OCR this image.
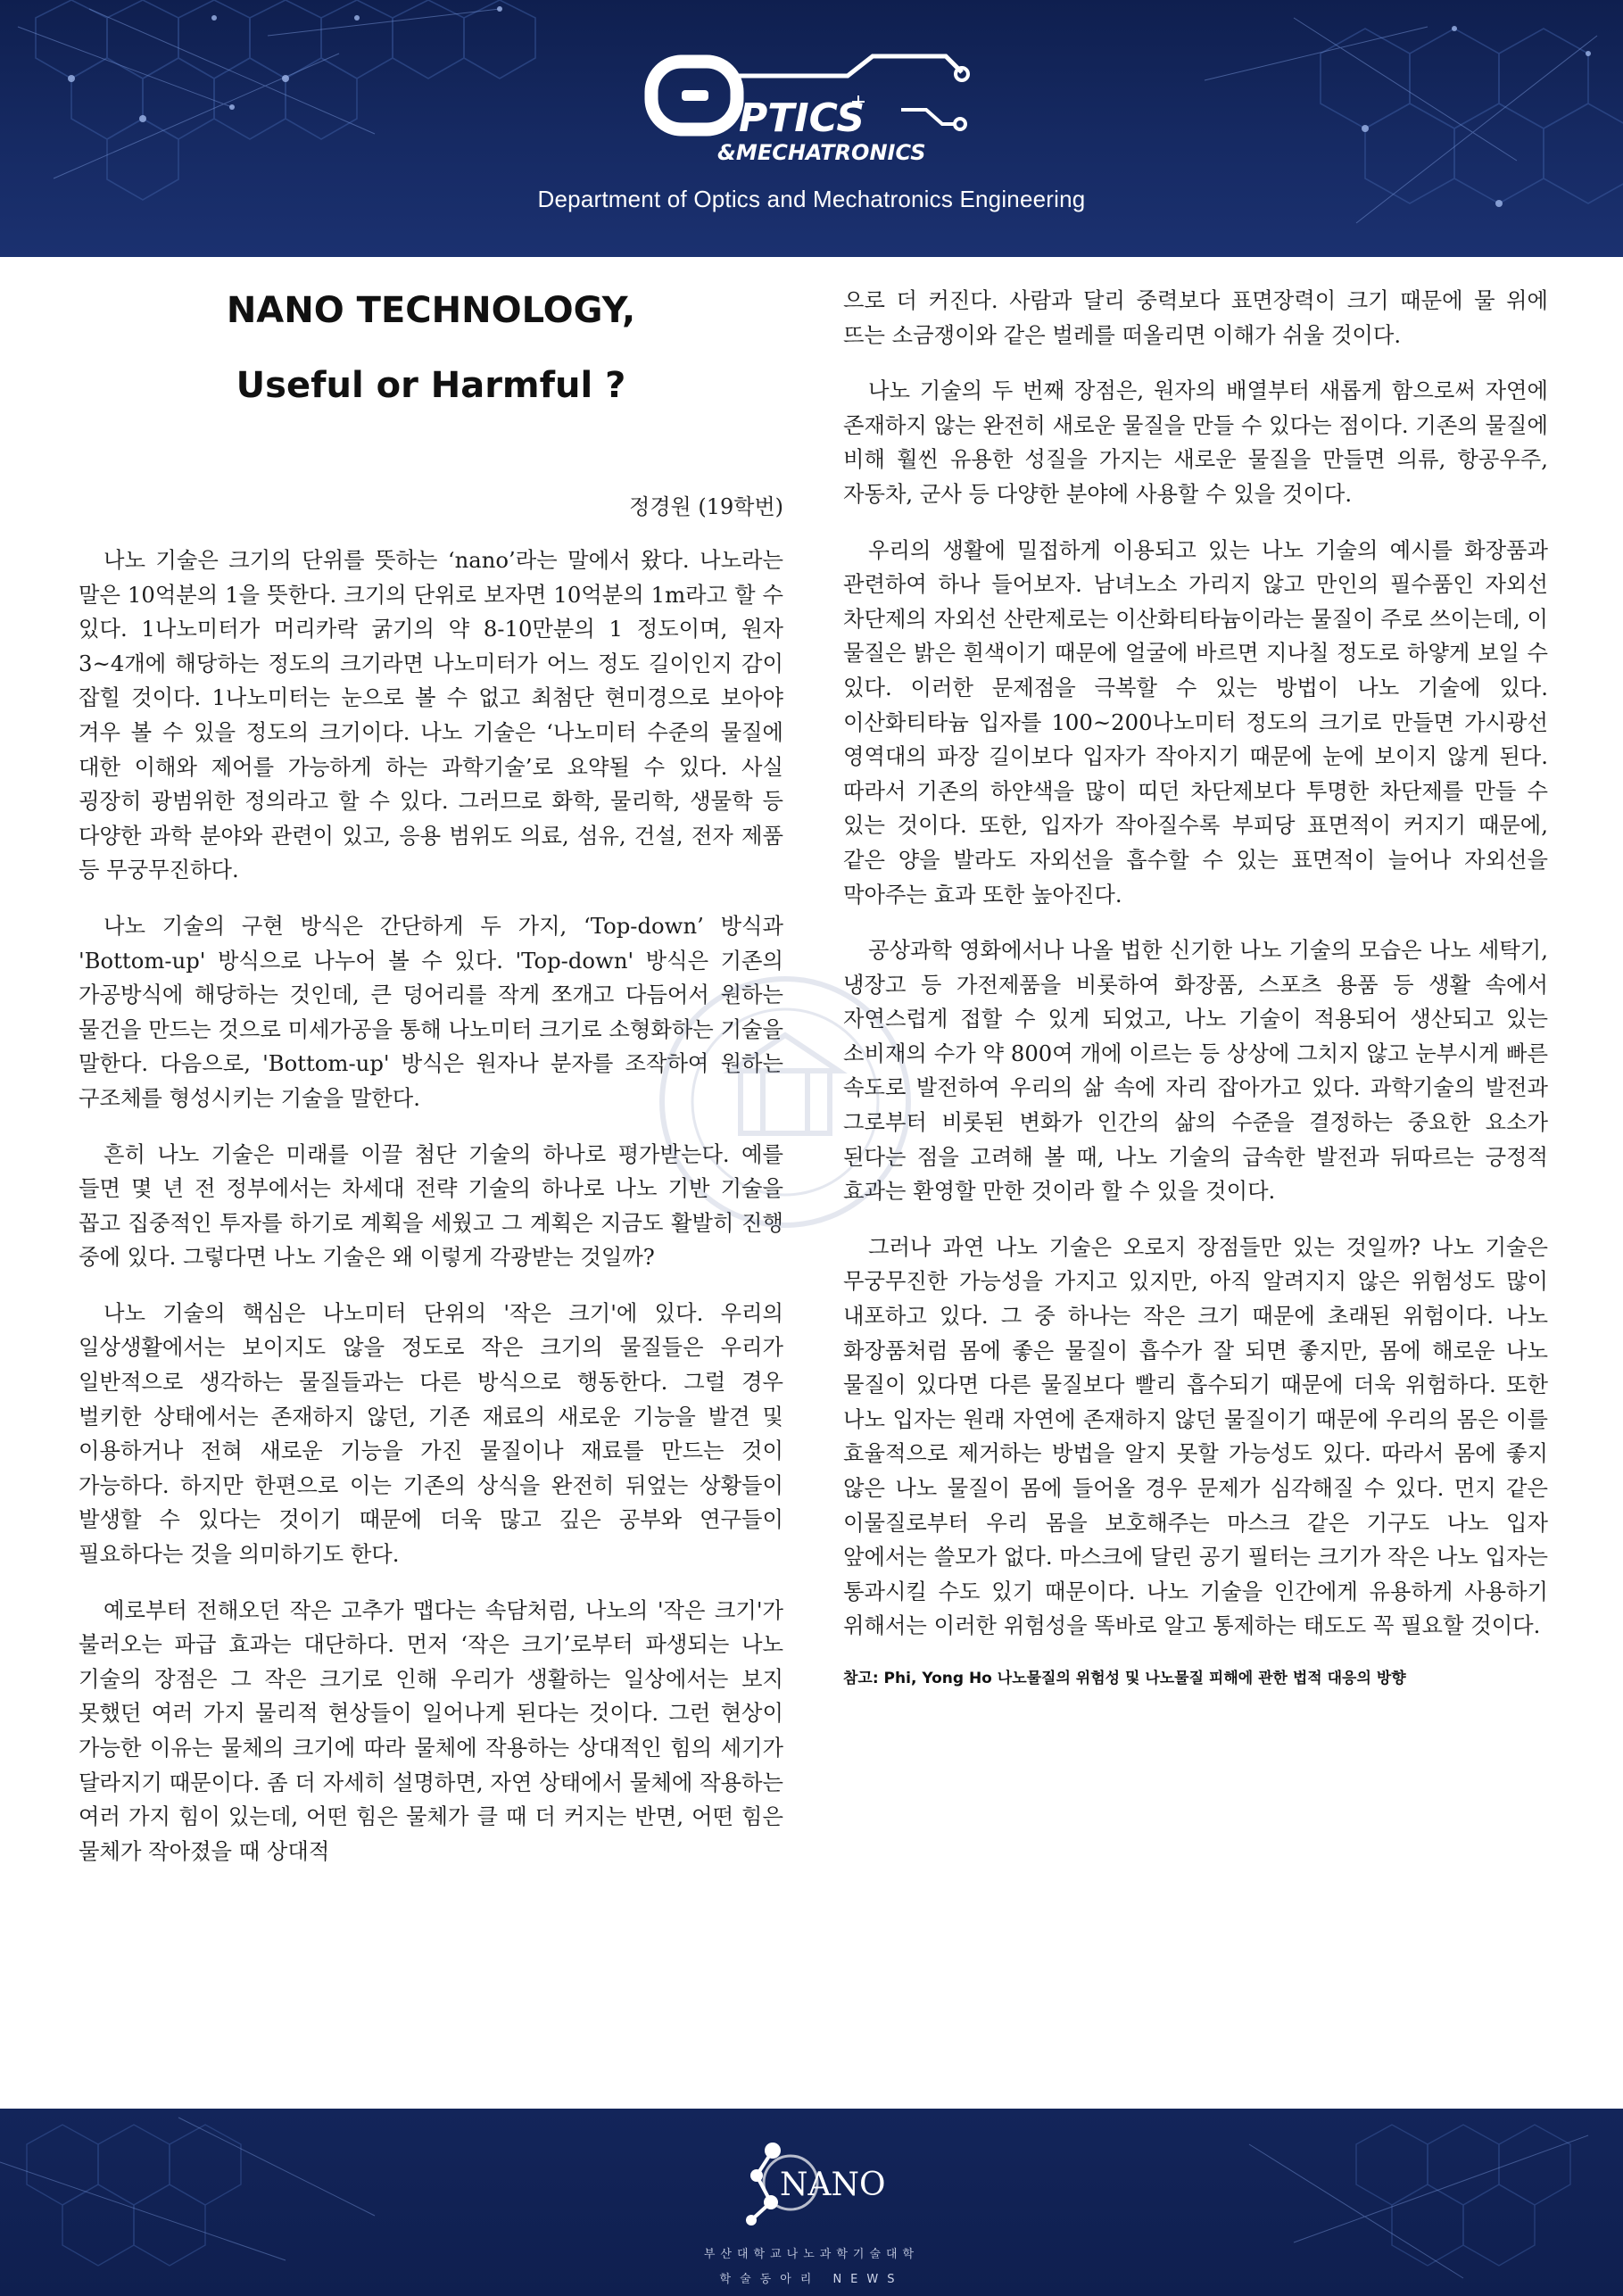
PTICS
&MECHATRONICS
Department of Optics and Mechatronics Engineering
NANO TECHNOLOGY,
Useful or Harmful ?
정경원 (19학번)

나노 기술은 크기의 단위를 뜻하는 ‘nano’라는 말에서 왔다. 나노라는 말은 10억분의 1을 뜻한다. 크기의 단위로 보자면 10억분의 1m라고 할 수 있다. 1나노미터가 머리카락 굵기의 약 8-10만분의 1 정도이며, 원자 3~4개에 해당하는 정도의 크기라면 나노미터가 어느 정도 길이인지 감이 잡힐 것이다. 1나노미터는 눈으로 볼 수 없고 최첨단 현미경으로 보아야 겨우 볼 수 있을 정도의 크기이다. 나노 기술은 ‘나노미터 수준의 물질에 대한 이해와 제어를 가능하게 하는 과학기술’로 요약될 수 있다. 사실 굉장히 광범위한 정의라고 할 수 있다. 그러므로 화학, 물리학, 생물학 등 다양한 과학 분야와 관련이 있고, 응용 범위도 의료, 섬유, 건설, 전자 제품 등 무궁무진하다.

나노 기술의 구현 방식은 간단하게 두 가지, ‘Top-down’ 방식과 'Bottom-up' 방식으로 나누어 볼 수 있다. 'Top-down' 방식은 기존의 가공방식에 해당하는 것인데, 큰 덩어리를 작게 쪼개고 다듬어서 원하는 물건을 만드는 것으로 미세가공을 통해 나노미터 크기로 소형화하는 기술을 말한다. 다음으로, 'Bottom-up' 방식은 원자나 분자를 조작하여 원하는 구조체를 형성시키는 기술을 말한다.

흔히 나노 기술은 미래를 이끌 첨단 기술의 하나로 평가받는다. 예를 들면 몇 년 전 정부에서는 차세대 전략 기술의 하나로 나노 기반 기술을 꼽고 집중적인 투자를 하기로 계획을 세웠고 그 계획은 지금도 활발히 진행 중에 있다. 그렇다면 나노 기술은 왜 이렇게 각광받는 것일까?

나노 기술의 핵심은 나노미터 단위의 '작은 크기'에 있다. 우리의 일상생활에서는 보이지도 않을 정도로 작은 크기의 물질들은 우리가 일반적으로 생각하는 물질들과는 다른 방식으로 행동한다. 그럴 경우 벌키한 상태에서는 존재하지 않던, 기존 재료의 새로운 기능을 발견 및 이용하거나 전혀 새로운 기능을 가진 물질이나 재료를 만드는 것이 가능하다. 하지만 한편으로 이는 기존의 상식을 완전히 뒤엎는 상황들이 발생할 수 있다는 것이기 때문에 더욱 많고 깊은 공부와 연구들이 필요하다는 것을 의미하기도 한다.

예로부터 전해오던 작은 고추가 맵다는 속담처럼, 나노의 '작은 크기'가 불러오는 파급 효과는 대단하다. 먼저 ‘작은 크기’로부터 파생되는 나노 기술의 장점은 그 작은 크기로 인해 우리가 생활하는 일상에서는 보지 못했던 여러 가지 물리적 현상들이 일어나게 된다는 것이다. 그런 현상이 가능한 이유는 물체의 크기에 따라 물체에 작용하는 상대적인 힘의 세기가 달라지기 때문이다. 좀 더 자세히 설명하면, 자연 상태에서 물체에 작용하는 여러 가지 힘이 있는데, 어떤 힘은 물체가 클 때 더 커지는 반면, 어떤 힘은 물체가 작아졌을 때 상대적

으로 더 커진다. 사람과 달리 중력보다 표면장력이 크기 때문에 물 위에 뜨는 소금쟁이와 같은 벌레를 떠올리면 이해가 쉬울 것이다.

나노 기술의 두 번째 장점은, 원자의 배열부터 새롭게 함으로써 자연에 존재하지 않는 완전히 새로운 물질을 만들 수 있다는 점이다. 기존의 물질에 비해 훨씬 유용한 성질을 가지는 새로운 물질을 만들면 의류, 항공우주, 자동차, 군사 등 다양한 분야에 사용할 수 있을 것이다.

우리의 생활에 밀접하게 이용되고 있는 나노 기술의 예시를 화장품과 관련하여 하나 들어보자. 남녀노소 가리지 않고 만인의 필수품인 자외선 차단제의 자외선 산란제로는 이산화티타늄이라는 물질이 주로 쓰이는데, 이 물질은 밝은 흰색이기 때문에 얼굴에 바르면 지나칠 정도로 하얗게 보일 수 있다. 이러한 문제점을 극복할 수 있는 방법이 나노 기술에 있다. 이산화티타늄 입자를 100~200나노미터 정도의 크기로 만들면 가시광선 영역대의 파장 길이보다 입자가 작아지기 때문에 눈에 보이지 않게 된다. 따라서 기존의 하얀색을 많이 띠던 차단제보다 투명한 차단제를 만들 수 있는 것이다. 또한, 입자가 작아질수록 부피당 표면적이 커지기 때문에, 같은 양을 발라도 자외선을 흡수할 수 있는 표면적이 늘어나 자외선을 막아주는 효과 또한 높아진다.

공상과학 영화에서나 나올 법한 신기한 나노 기술의 모습은 나노 세탁기, 냉장고 등 가전제품을 비롯하여 화장품, 스포츠 용품 등 생활 속에서 자연스럽게 접할 수 있게 되었고, 나노 기술이 적용되어 생산되고 있는 소비재의 수가 약 800여 개에 이르는 등 상상에 그치지 않고 눈부시게 빠른 속도로 발전하여 우리의 삶 속에 자리 잡아가고 있다. 과학기술의 발전과 그로부터 비롯된 변화가 인간의 삶의 수준을 결정하는 중요한 요소가 된다는 점을 고려해 볼 때, 나노 기술의 급속한 발전과 뒤따르는 긍정적 효과는 환영할 만한 것이라 할 수 있을 것이다.

그러나 과연 나노 기술은 오로지 장점들만 있는 것일까? 나노 기술은 무궁무진한 가능성을 가지고 있지만, 아직 알려지지 않은 위험성도 많이 내포하고 있다. 그 중 하나는 작은 크기 때문에 초래된 위험이다. 나노 화장품처럼 몸에 좋은 물질이 흡수가 잘 되면 좋지만, 몸에 해로운 나노 물질이 있다면 다른 물질보다 빨리 흡수되기 때문에 더욱 위험하다. 또한 나노 입자는 원래 자연에 존재하지 않던 물질이기 때문에 우리의 몸은 이를 효율적으로 제거하는 방법을 알지 못할 가능성도 있다. 따라서 몸에 좋지 않은 나노 물질이 몸에 들어올 경우 문제가 심각해질 수 있다. 먼지 같은 이물질로부터 우리 몸을 보호해주는 마스크 같은 기구도 나노 입자 앞에서는 쓸모가 없다. 마스크에 달린 공기 필터는 크기가 작은 나노 입자는 통과시킬 수도 있기 때문이다. 나노 기술을 인간에게 유용하게 사용하기 위해서는 이러한 위험성을 똑바로 알고 통제하는 태도도 꼭 필요할 것이다.

참고: Phi, Yong Ho 나노물질의 위험성 및 나노물질 피해에 관한 법적 대응의 방향
NANO
부산대학교나노과학기술대학
학술동아리 NEWS
